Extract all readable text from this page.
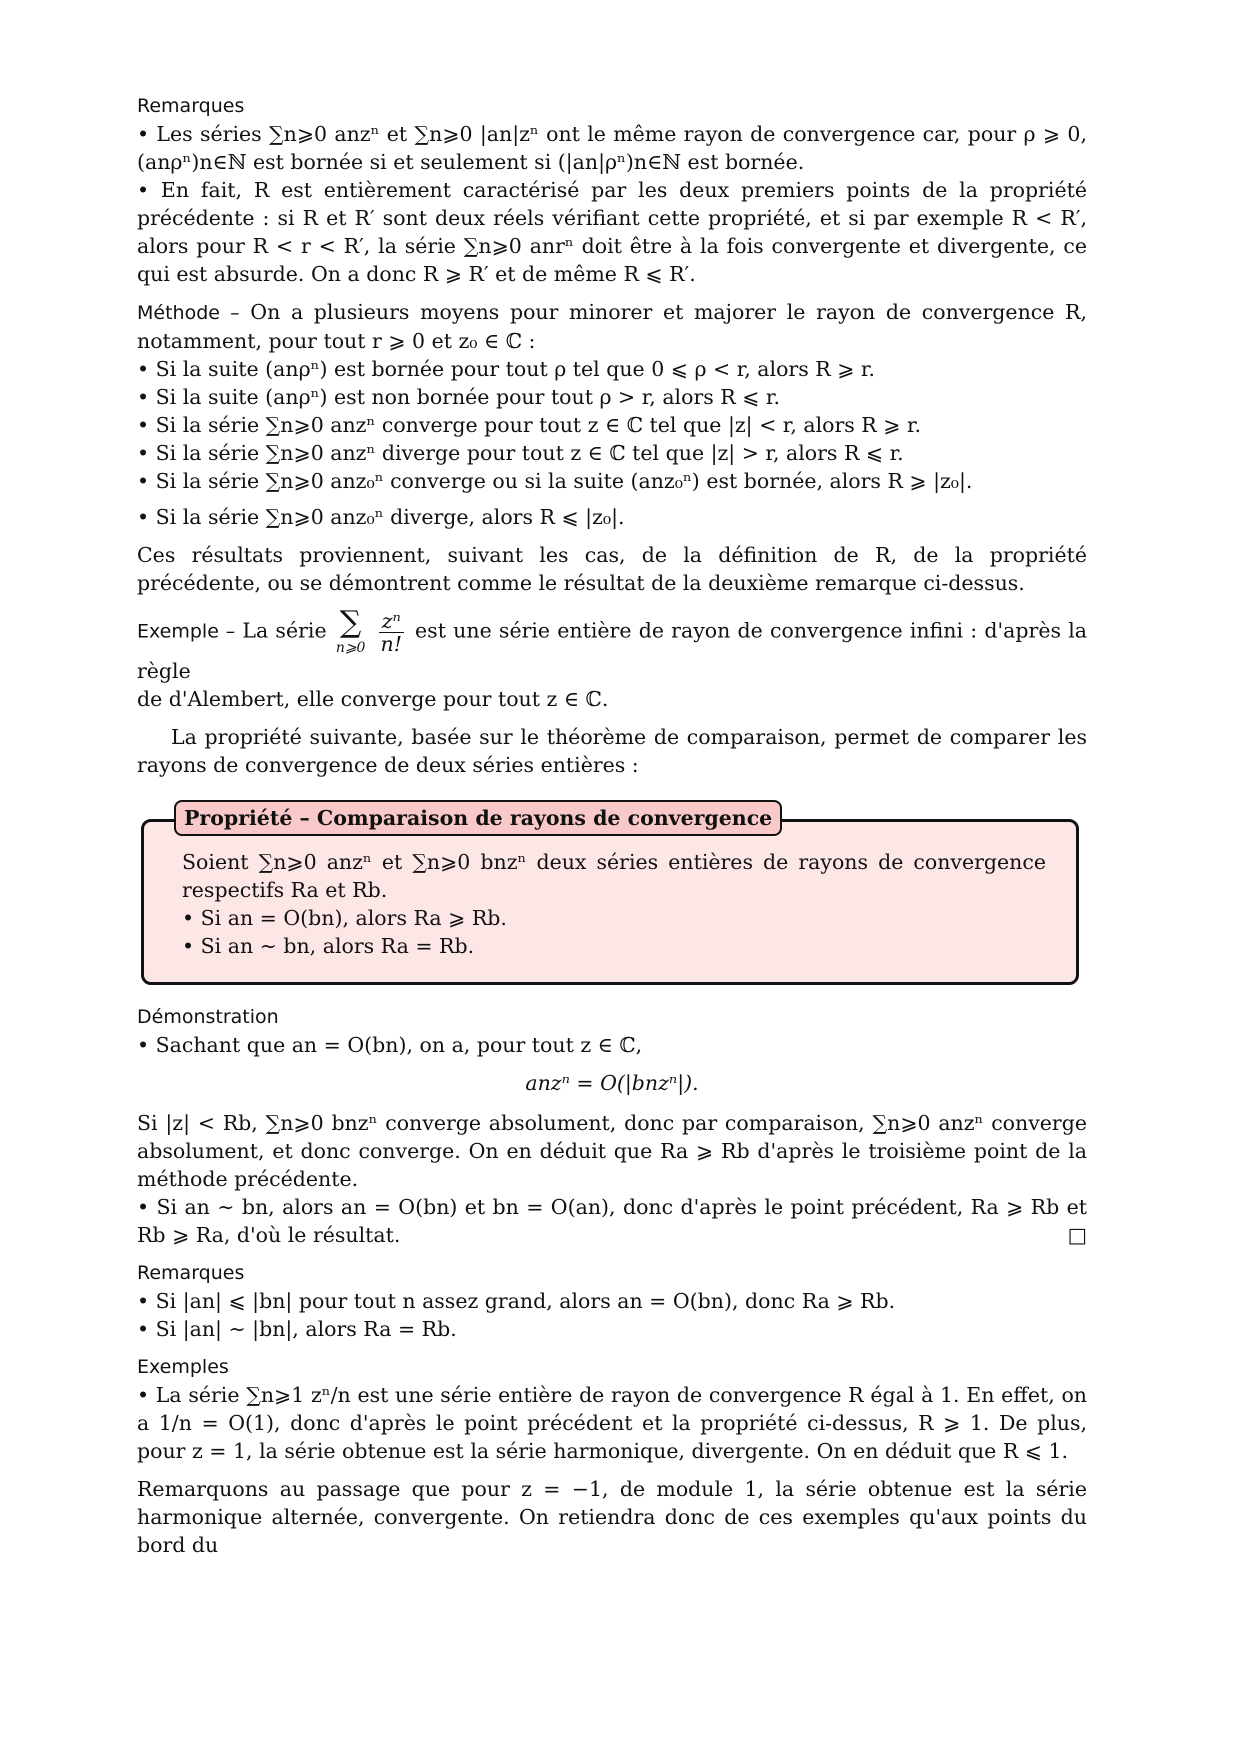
Remarques

• Les séries ∑n⩾0 anzⁿ et ∑n⩾0 |an|zⁿ ont le même rayon de convergence car, pour ρ ⩾ 0, (anρⁿ)n∈ℕ est bornée si et seulement si (|an|ρⁿ)n∈ℕ est bornée.

• En fait, R est entièrement caractérisé par les deux premiers points de la propriété précédente : si R et R′ sont deux réels vérifiant cette propriété, et si par exemple R < R′, alors pour R < r < R′, la série ∑n⩾0 anrⁿ doit être à la fois convergente et divergente, ce qui est absurde. On a donc R ⩾ R′ et de même R ⩽ R′.

Méthode – On a plusieurs moyens pour minorer et majorer le rayon de convergence R, notamment, pour tout r ⩾ 0 et z₀ ∈ ℂ :

• Si la suite (anρⁿ) est bornée pour tout ρ tel que 0 ⩽ ρ < r, alors R ⩾ r.

• Si la suite (anρⁿ) est non bornée pour tout ρ > r, alors R ⩽ r.

• Si la série ∑n⩾0 anzⁿ converge pour tout z ∈ ℂ tel que |z| < r, alors R ⩾ r.

• Si la série ∑n⩾0 anzⁿ diverge pour tout z ∈ ℂ tel que |z| > r, alors R ⩽ r.

• Si la série ∑n⩾0 anz₀ⁿ converge ou si la suite (anz₀ⁿ) est bornée, alors R ⩾ |z₀|.

• Si la série ∑n⩾0 anz₀ⁿ diverge, alors R ⩽ |z₀|.

Ces résultats proviennent, suivant les cas, de la définition de R, de la propriété précédente, ou se démontrent comme le résultat de la deuxième remarque ci-dessus.

Exemple – La série ∑
n⩾0
$\frac{\text{zⁿ}}{n!}$ est une série entière de rayon de convergence infini : d'après la règle

de d'Alembert, elle converge pour tout z ∈ ℂ.

La propriété suivante, basée sur le théorème de comparaison, permet de comparer les rayons de convergence de deux séries entières :

Propriété – Comparaison de rayons de convergence

Soient ∑n⩾0 anzⁿ et ∑n⩾0 bnzⁿ deux séries entières de rayons de convergence respectifs Ra et Rb.

• Si an = O(bn), alors Ra ⩾ Rb.

• Si an ∼ bn, alors Ra = Rb.

Démonstration

• Sachant que an = O(bn), on a, pour tout z ∈ ℂ,

anzⁿ = O(|bnzⁿ|).

Si |z| < Rb, ∑n⩾0 bnzⁿ converge absolument, donc par comparaison, ∑n⩾0 anzⁿ converge absolument, et donc converge. On en déduit que Ra ⩾ Rb d'après le troisième point de la méthode précédente.

• Si an ∼ bn, alors an = O(bn) et bn = O(an), donc d'après le point précédent, Ra ⩾ Rb et Rb ⩾ Ra, d'où le résultat.	□

Remarques

• Si |an| ⩽ |bn| pour tout n assez grand, alors an = O(bn), donc Ra ⩾ Rb.

• Si |an| ∼ |bn|, alors Ra = Rb.

Exemples

• La série ∑n⩾1 zⁿ/n est une série entière de rayon de convergence R égal à 1. En effet, on a 1/n = O(1), donc d'après le point précédent et la propriété ci-dessus, R ⩾ 1. De plus, pour z = 1, la série obtenue est la série harmonique, divergente. On en déduit que R ⩽ 1.

Remarquons au passage que pour z = −1, de module 1, la série obtenue est la série harmonique alternée, convergente. On retiendra donc de ces exemples qu'aux points du bord du
